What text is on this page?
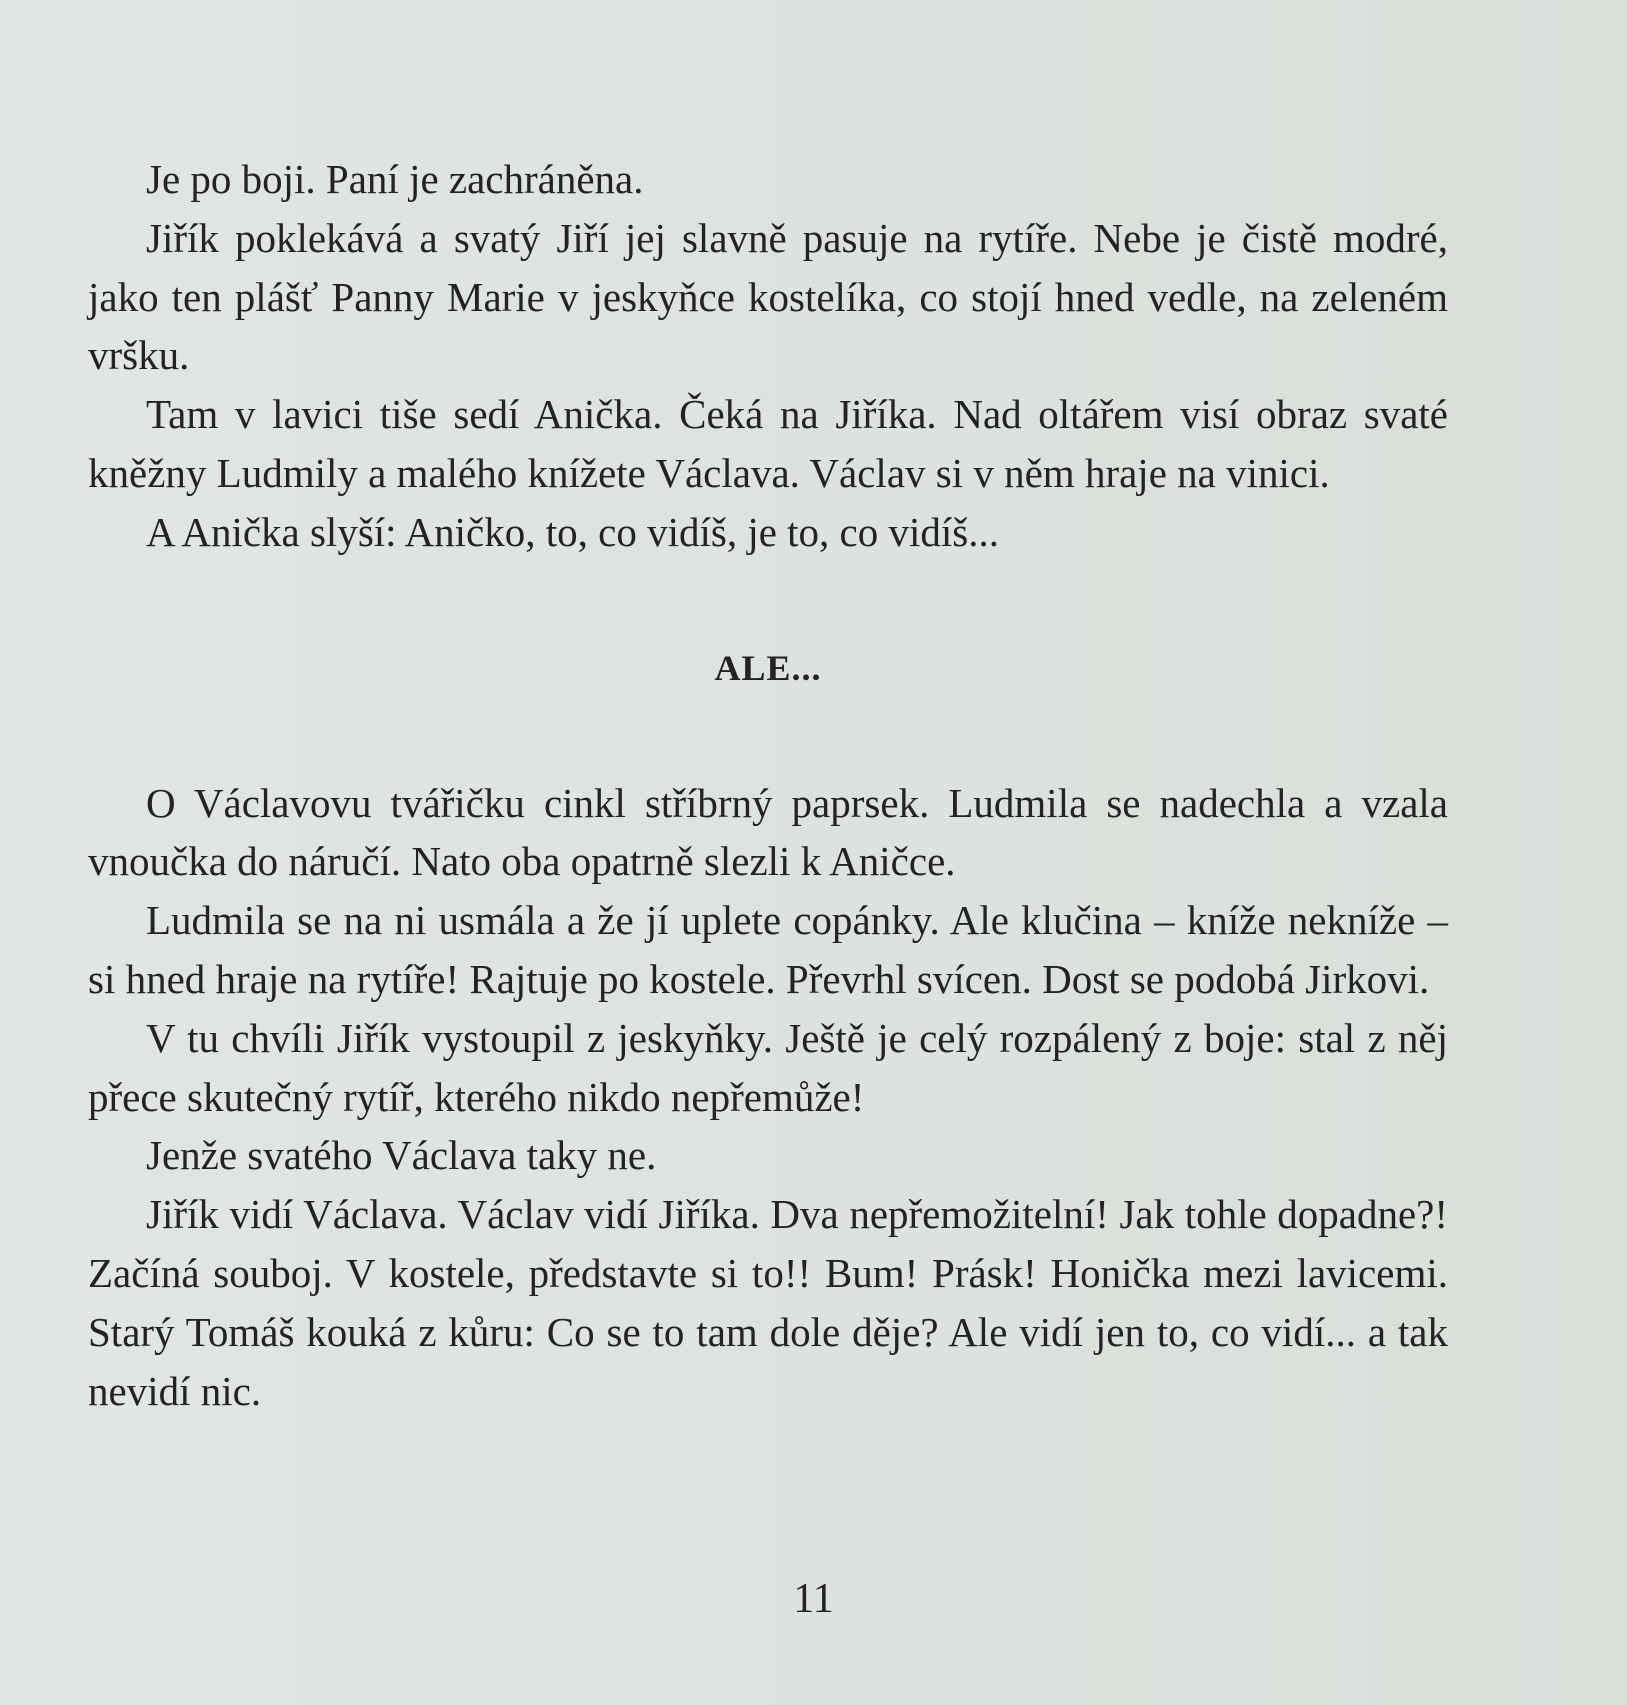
Je po boji. Paní je zachráněna.

Jiřík poklekává a svatý Jiří jej slavně pasuje na rytíře. Nebe je čistě modré, jako ten plášť Panny Marie v jeskyňce kostelíka, co stojí hned vedle, na zeleném vršku.

Tam v lavici tiše sedí Anička. Čeká na Jiříka. Nad oltářem visí obraz svaté kněžny Ludmily a malého knížete Václava. Václav si v něm hraje na vinici.

A Anička slyší: Aničko, to, co vidíš, je to, co vidíš...

ALE...

O Václavovu tvářičku cinkl stříbrný paprsek. Ludmila se nadechla a vzala vnoučka do náručí. Nato oba opatrně slezli k Aničce.

Ludmila se na ni usmála a že jí uplete copánky. Ale klučina – kníže nekníže – si hned hraje na rytíře! Rajtuje po kostele. Převrhl svícen. Dost se podobá Jirkovi.

V tu chvíli Jiřík vystoupil z jeskyňky. Ještě je celý rozpálený z boje: stal z něj přece skutečný rytíř, kterého nikdo nepřemůže!

Jenže svatého Václava taky ne.

Jiřík vidí Václava. Václav vidí Jiříka. Dva nepřemožitelní! Jak tohle dopadne?! Začíná souboj. V kostele, představte si to!! Bum! Prásk! Honička mezi lavicemi. Starý Tomáš kouká z kůru: Co se to tam dole děje? Ale vidí jen to, co vidí... a tak nevidí nic.

11
